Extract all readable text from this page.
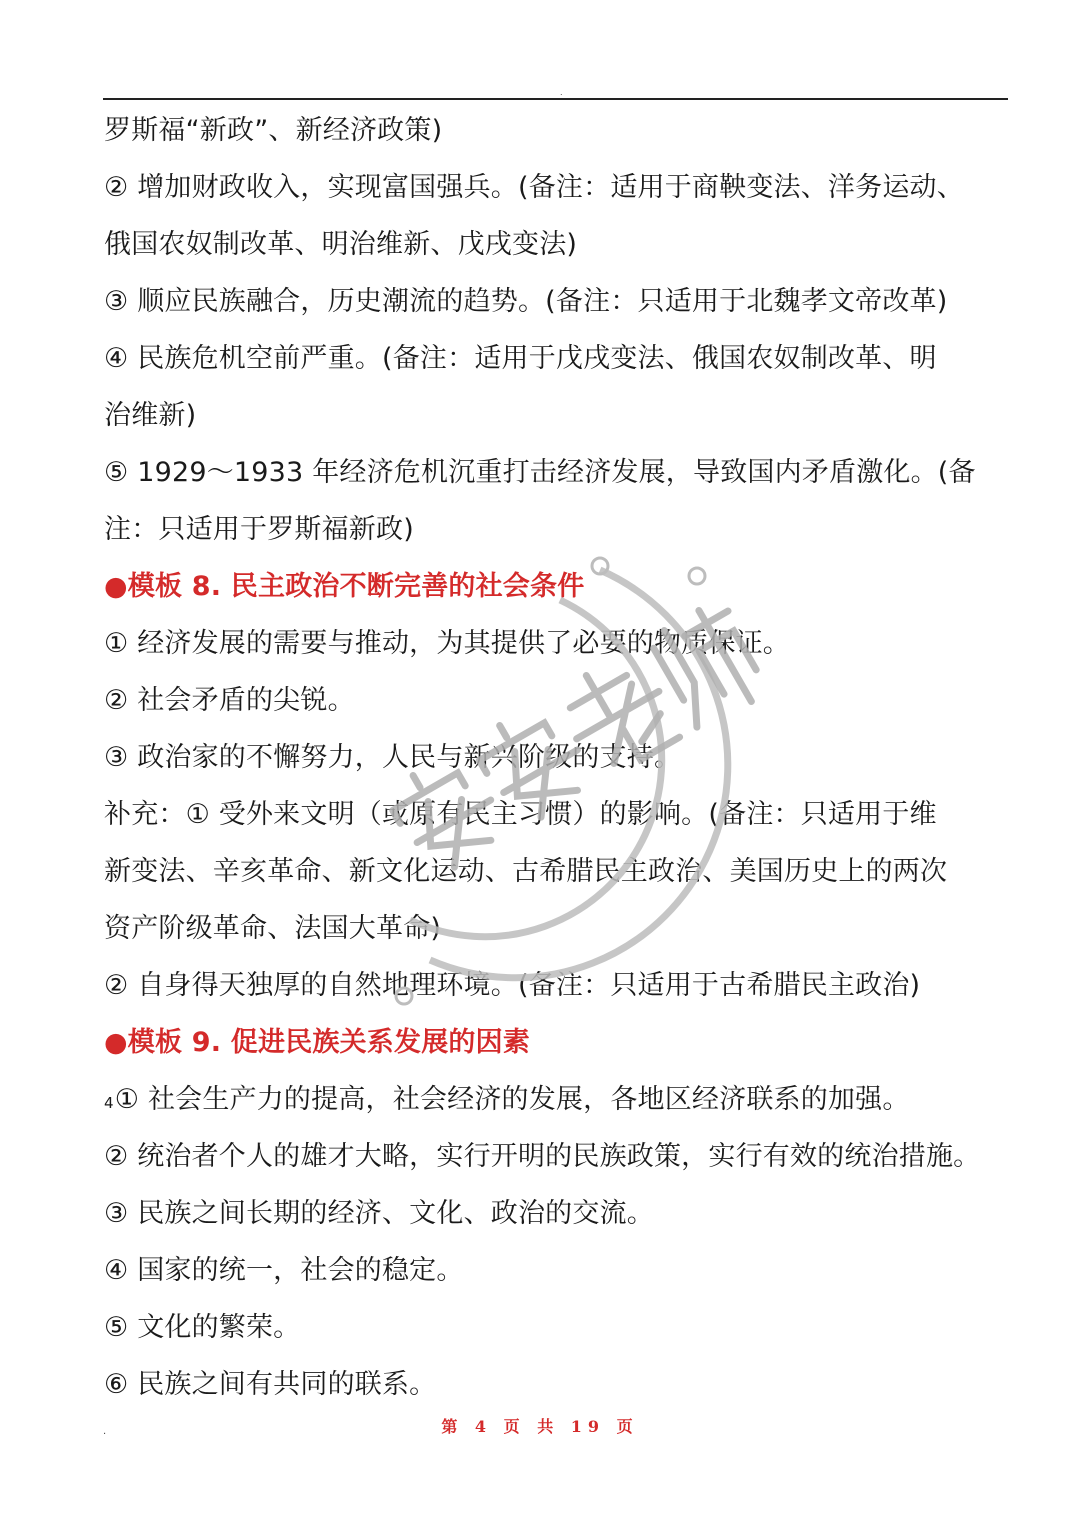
.
罗斯福“新政”、新经济政策)
② 增加财政收入，实现富国强兵。(备注：适用于商鞅变法、洋务运动、
俄国农奴制改革、明治维新、戊戌变法)
③ 顺应民族融合，历史潮流的趋势。(备注：只适用于北魏孝文帝改革)
④ 民族危机空前严重。(备注：适用于戊戌变法、俄国农奴制改革、明
治维新)
⑤ 1929～1933 年经济危机沉重打击经济发展，导致国内矛盾激化。(备
注：只适用于罗斯福新政)
●模板 8. 民主政治不断完善的社会条件
① 经济发展的需要与推动，为其提供了必要的物质保证。
② 社会矛盾的尖锐。
③ 政治家的不懈努力，人民与新兴阶级的支持。
补充：① 受外来文明（或原有民主习惯）的影响。(备注：只适用于维
新变法、辛亥革命、新文化运动、古希腊民主政治、美国历史上的两次
资产阶级革命、法国大革命)
② 自身得天独厚的自然地理环境。(备注：只适用于古希腊民主政治)
●模板 9. 促进民族关系发展的因素
4① 社会生产力的提高，社会经济的发展，各地区经济联系的加强。
② 统治者个人的雄才大略，实行开明的民族政策，实行有效的统治措施。
③ 民族之间长期的经济、文化、政治的交流。
④ 国家的统一，社会的稳定。
⑤ 文化的繁荣。
⑥ 民族之间有共同的联系。
.	第 4 页 共 19 页
